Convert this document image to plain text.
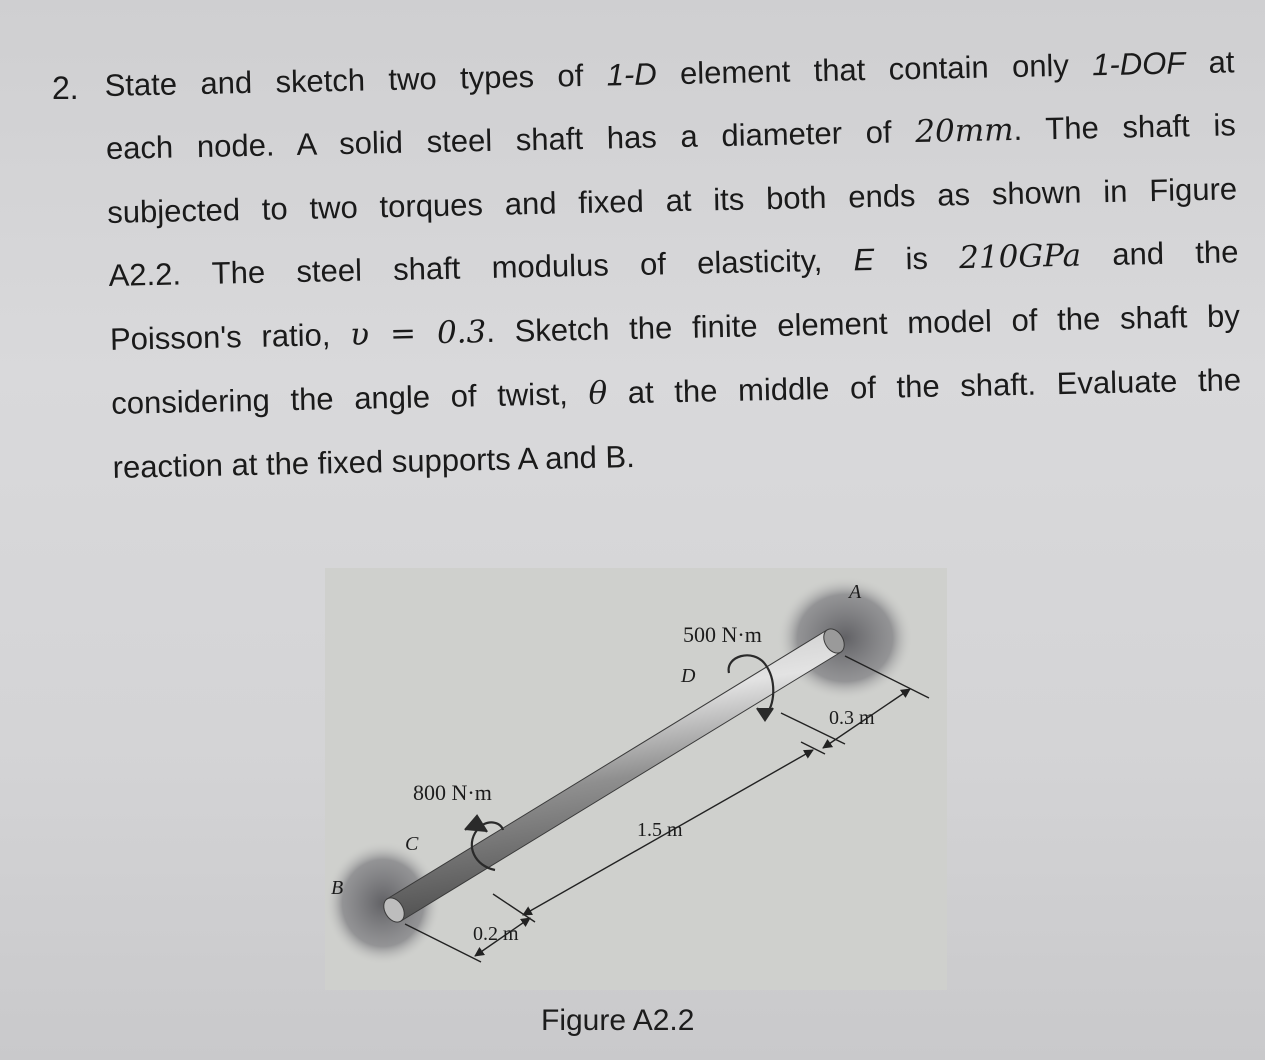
2. State and sketch two types of 1-D element that contain only 1-DOF at
each node. A solid steel shaft has a diameter of 20mm. The shaft is
subjected to two torques and fixed at its both ends as shown in Figure
A2.2. The steel shaft modulus of elasticity, E is 210GPa and the
Poisson's ratio, υ = 0.3. Sketch the finite element model of the shaft by
considering the angle of twist, θ at the middle of the shaft. Evaluate the
reaction at the fixed supports A and B.
A
B
C
D
500 N·m
800 N·m
0.3 m
1.5 m
0.2 m
Figure A2.2
